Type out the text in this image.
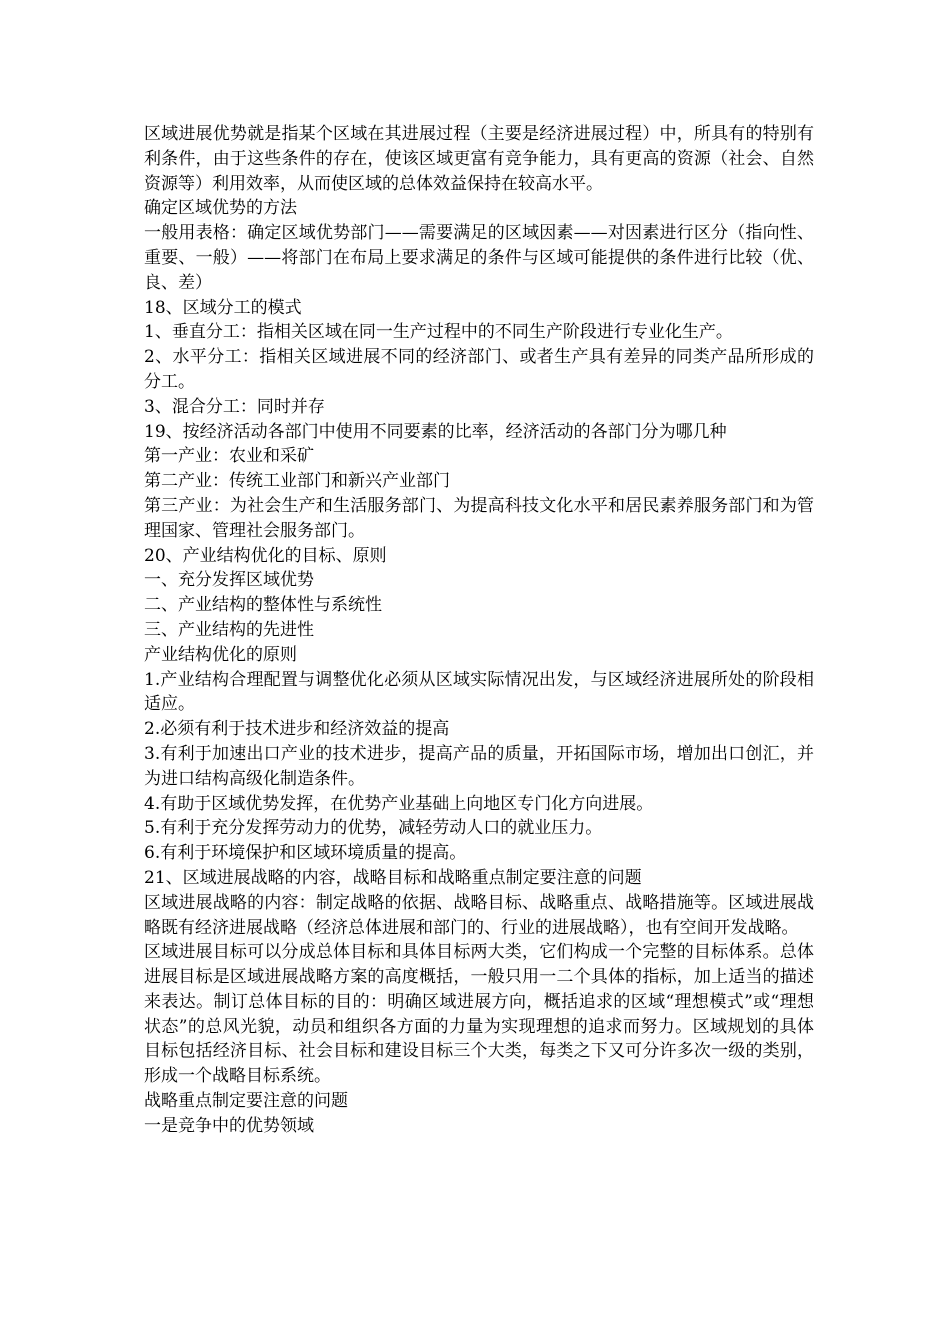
区域进展优势就是指某个区域在其进展过程（主要是经济进展过程）中，所具有的特别有利条件，由于这些条件的存在，使该区域更富有竞争能力，具有更高的资源（社会、自然资源等）利用效率，从而使区域的总体效益保持在较高水平。

确定区域优势的方法

一般用表格：确定区域优势部门——需要满足的区域因素——对因素进行区分（指向性、重要、一般）——将部门在布局上要求满足的条件与区域可能提供的条件进行比较（优、良、差）

18、区域分工的模式

1、垂直分工：指相关区域在同一生产过程中的不同生产阶段进行专业化生产。

2、水平分工：指相关区域进展不同的经济部门、或者生产具有差异的同类产品所形成的分工。

3、混合分工：同时并存

19、按经济活动各部门中使用不同要素的比率，经济活动的各部门分为哪几种

第一产业：农业和采矿

第二产业：传统工业部门和新兴产业部门

第三产业：为社会生产和生活服务部门、为提高科技文化水平和居民素养服务部门和为管理国家、管理社会服务部门。

20、产业结构优化的目标、原则

一、充分发挥区域优势

二、产业结构的整体性与系统性

三、产业结构的先进性

产业结构优化的原则

1.产业结构合理配置与调整优化必须从区域实际情况出发，与区域经济进展所处的阶段相适应。

2.必须有利于技术进步和经济效益的提高

3.有利于加速出口产业的技术进步，提高产品的质量，开拓国际市场，增加出口创汇，并为进口结构高级化制造条件。

4.有助于区域优势发挥，在优势产业基础上向地区专门化方向进展。

5.有利于充分发挥劳动力的优势，减轻劳动人口的就业压力。

6.有利于环境保护和区域环境质量的提高。

21、区域进展战略的内容，战略目标和战略重点制定要注意的问题

区域进展战略的内容：制定战略的依据、战略目标、战略重点、战略措施等。区域进展战略既有经济进展战略（经济总体进展和部门的、行业的进展战略），也有空间开发战略。

区域进展目标可以分成总体目标和具体目标两大类，它们构成一个完整的目标体系。总体进展目标是区域进展战略方案的高度概括，一般只用一二个具体的指标，加上适当的描述来表达。制订总体目标的目的：明确区域进展方向，概括追求的区域“理想模式”或“理想状态”的总风光貌，动员和组织各方面的力量为实现理想的追求而努力。区域规划的具体目标包括经济目标、社会目标和建设目标三个大类，每类之下又可分许多次一级的类别，形成一个战略目标系统。

战略重点制定要注意的问题

一是竞争中的优势领域
